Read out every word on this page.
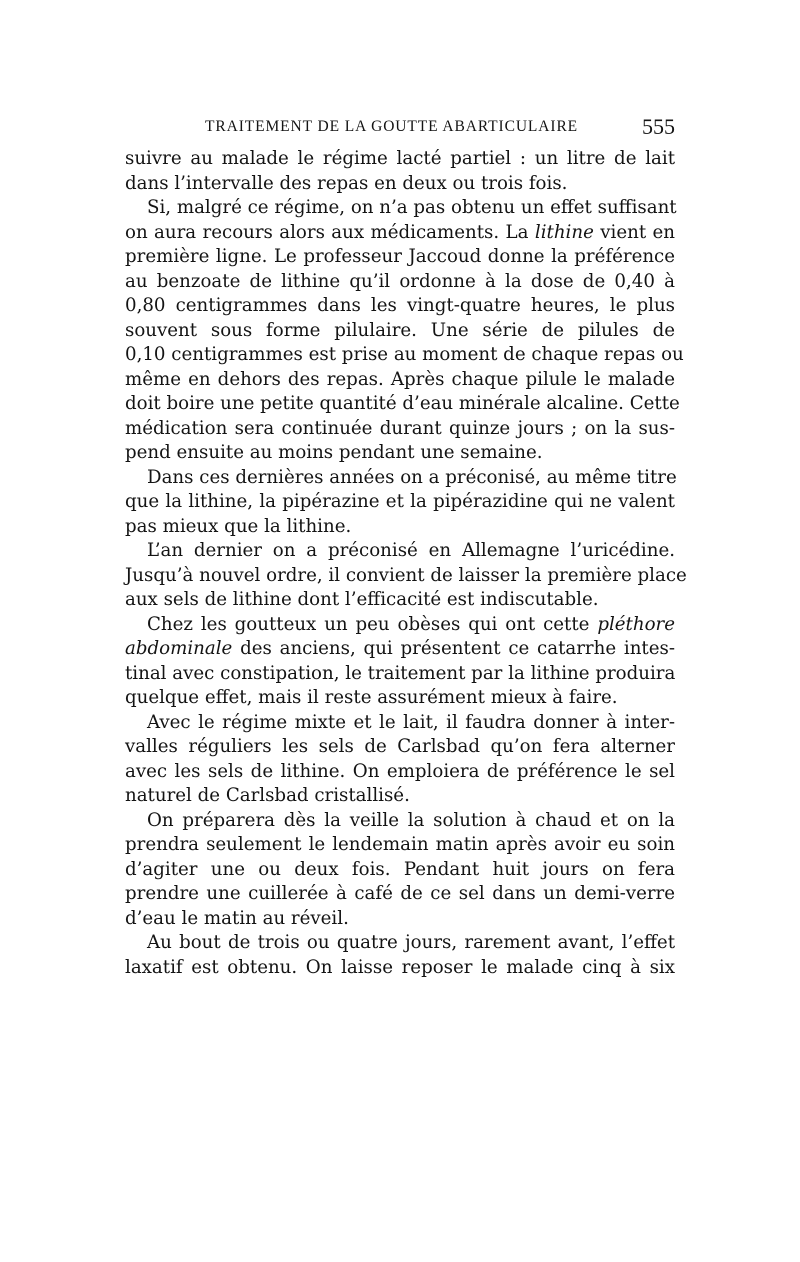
TRAITEMENT DE LA GOUTTE ABARTICULAIRE	555

suivre au malade le régime lacté partiel : un litre de lait
dans l’intervalle des repas en deux ou trois fois.

Si, malgré ce régime, on n’a pas obtenu un effet suffisant
on aura recours alors aux médicaments. La lithine vient en
première ligne. Le professeur Jaccoud donne la préférence
au benzoate de lithine qu’il ordonne à la dose de 0,40 à
0,80 centigrammes dans les vingt-quatre heures, le plus
souvent sous forme pilulaire. Une série de pilules de
0,10 centigrammes est prise au moment de chaque repas ou
même en dehors des repas. Après chaque pilule le malade
doit boire une petite quantité d’eau minérale alcaline. Cette
médication sera continuée durant quinze jours ; on la sus-
pend ensuite au moins pendant une semaine.

Dans ces dernières années on a préconisé, au même titre
que la lithine, la pipérazine et la pipérazidine qui ne valent
pas mieux que la lithine.

L’an dernier on a préconisé en Allemagne l’uricédine.
Jusqu’à nouvel ordre, il convient de laisser la première place
aux sels de lithine dont l’efficacité est indiscutable.

Chez les goutteux un peu obèses qui ont cette pléthore
abdominale des anciens, qui présentent ce catarrhe intes-
tinal avec constipation, le traitement par la lithine produira
quelque effet, mais il reste assurément mieux à faire.

Avec le régime mixte et le lait, il faudra donner à inter-
valles réguliers les sels de Carlsbad qu’on fera alterner
avec les sels de lithine. On emploiera de préférence le sel
naturel de Carlsbad cristallisé.

On préparera dès la veille la solution à chaud et on la
prendra seulement le lendemain matin après avoir eu soin
d’agiter une ou deux fois. Pendant huit jours on fera
prendre une cuillerée à café de ce sel dans un demi-verre
d’eau le matin au réveil.

Au bout de trois ou quatre jours, rarement avant, l’effet
laxatif est obtenu. On laisse reposer le malade cinq à six
